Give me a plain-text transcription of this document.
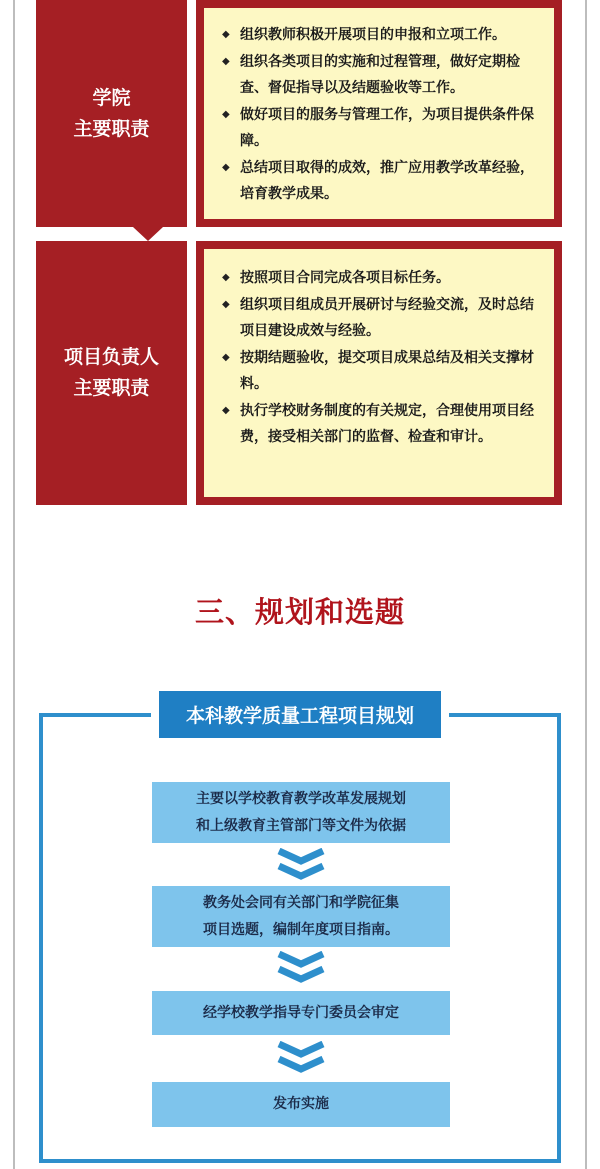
学院
主要职责
◆ 组织教师积极开展项目的申报和立项工作。
◆ 组织各类项目的实施和过程管理，做好定期检查、督促指导以及结题验收等工作。
◆ 做好项目的服务与管理工作，为项目提供条件保障。
◆ 总结项目取得的成效，推广应用教学改革经验，培育教学成果。
项目负责人
主要职责
◆ 按照项目合同完成各项目标任务。
◆ 组织项目组成员开展研讨与经验交流，及时总结项目建设成效与经验。
◆ 按期结题验收，提交项目成果总结及相关支撑材料。
◆ 执行学校财务制度的有关规定，合理使用项目经费，接受相关部门的监督、检查和审计。
三、规划和选题
本科教学质量工程项目规划
主要以学校教育教学改革发展规划
和上级教育主管部门等文件为依据
教务处会同有关部门和学院征集
项目选题，编制年度项目指南。
经学校教学指导专门委员会审定
发布实施
